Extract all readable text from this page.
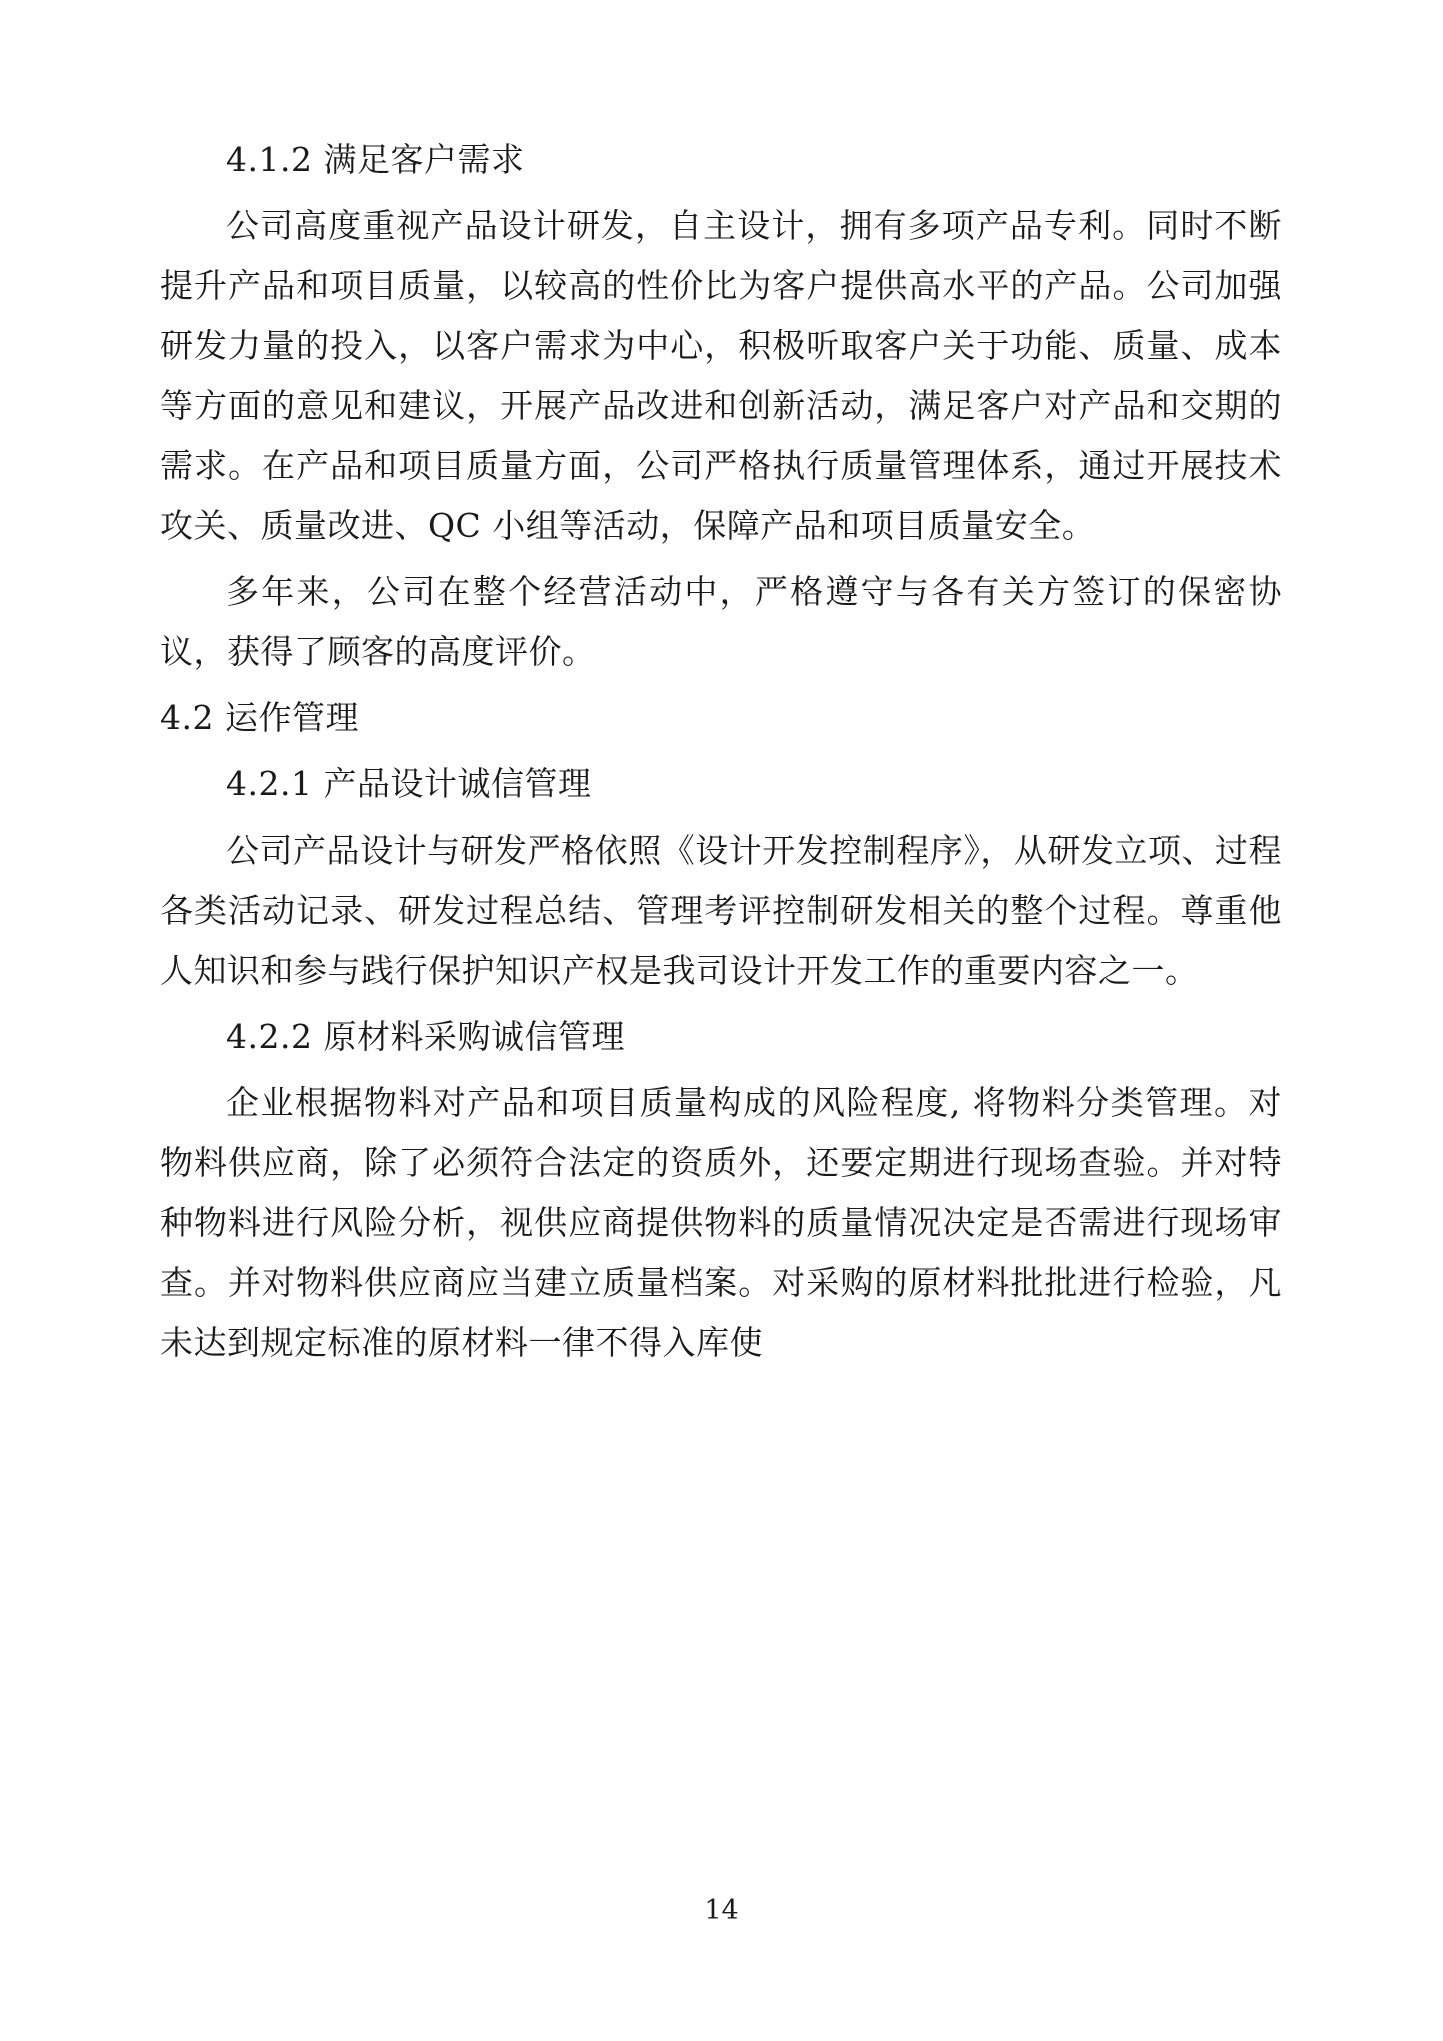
4.1.2 满足客户需求

公司高度重视产品设计研发，自主设计，拥有多项产品专利。同时不断提升产品和项目质量，以较高的性价比为客户提供高水平的产品。公司加强研发力量的投入，以客户需求为中心，积极听取客户关于功能、质量、成本等方面的意见和建议，开展产品改进和创新活动，满足客户对产品和交期的需求。在产品和项目质量方面，公司严格执行质量管理体系，通过开展技术攻关、质量改进、QC 小组等活动，保障产品和项目质量安全。

多年来，公司在整个经营活动中，严格遵守与各有关方签订的保密协议，获得了顾客的高度评价。

4.2 运作管理
4.2.1 产品设计诚信管理

公司产品设计与研发严格依照《设计开发控制程序》，从研发立项、过程各类活动记录、研发过程总结、管理考评控制研发相关的整个过程。尊重他人知识和参与践行保护知识产权是我司设计开发工作的重要内容之一。

4.2.2 原材料采购诚信管理

企业根据物料对产品和项目质量构成的风险程度, 将物料分类管理。对物料供应商，除了必须符合法定的资质外，还要定期进行现场查验。并对特种物料进行风险分析，视供应商提供物料的质量情况决定是否需进行现场审查。并对物料供应商应当建立质量档案。对采购的原材料批批进行检验，凡未达到规定标准的原材料一律不得入库使

14
